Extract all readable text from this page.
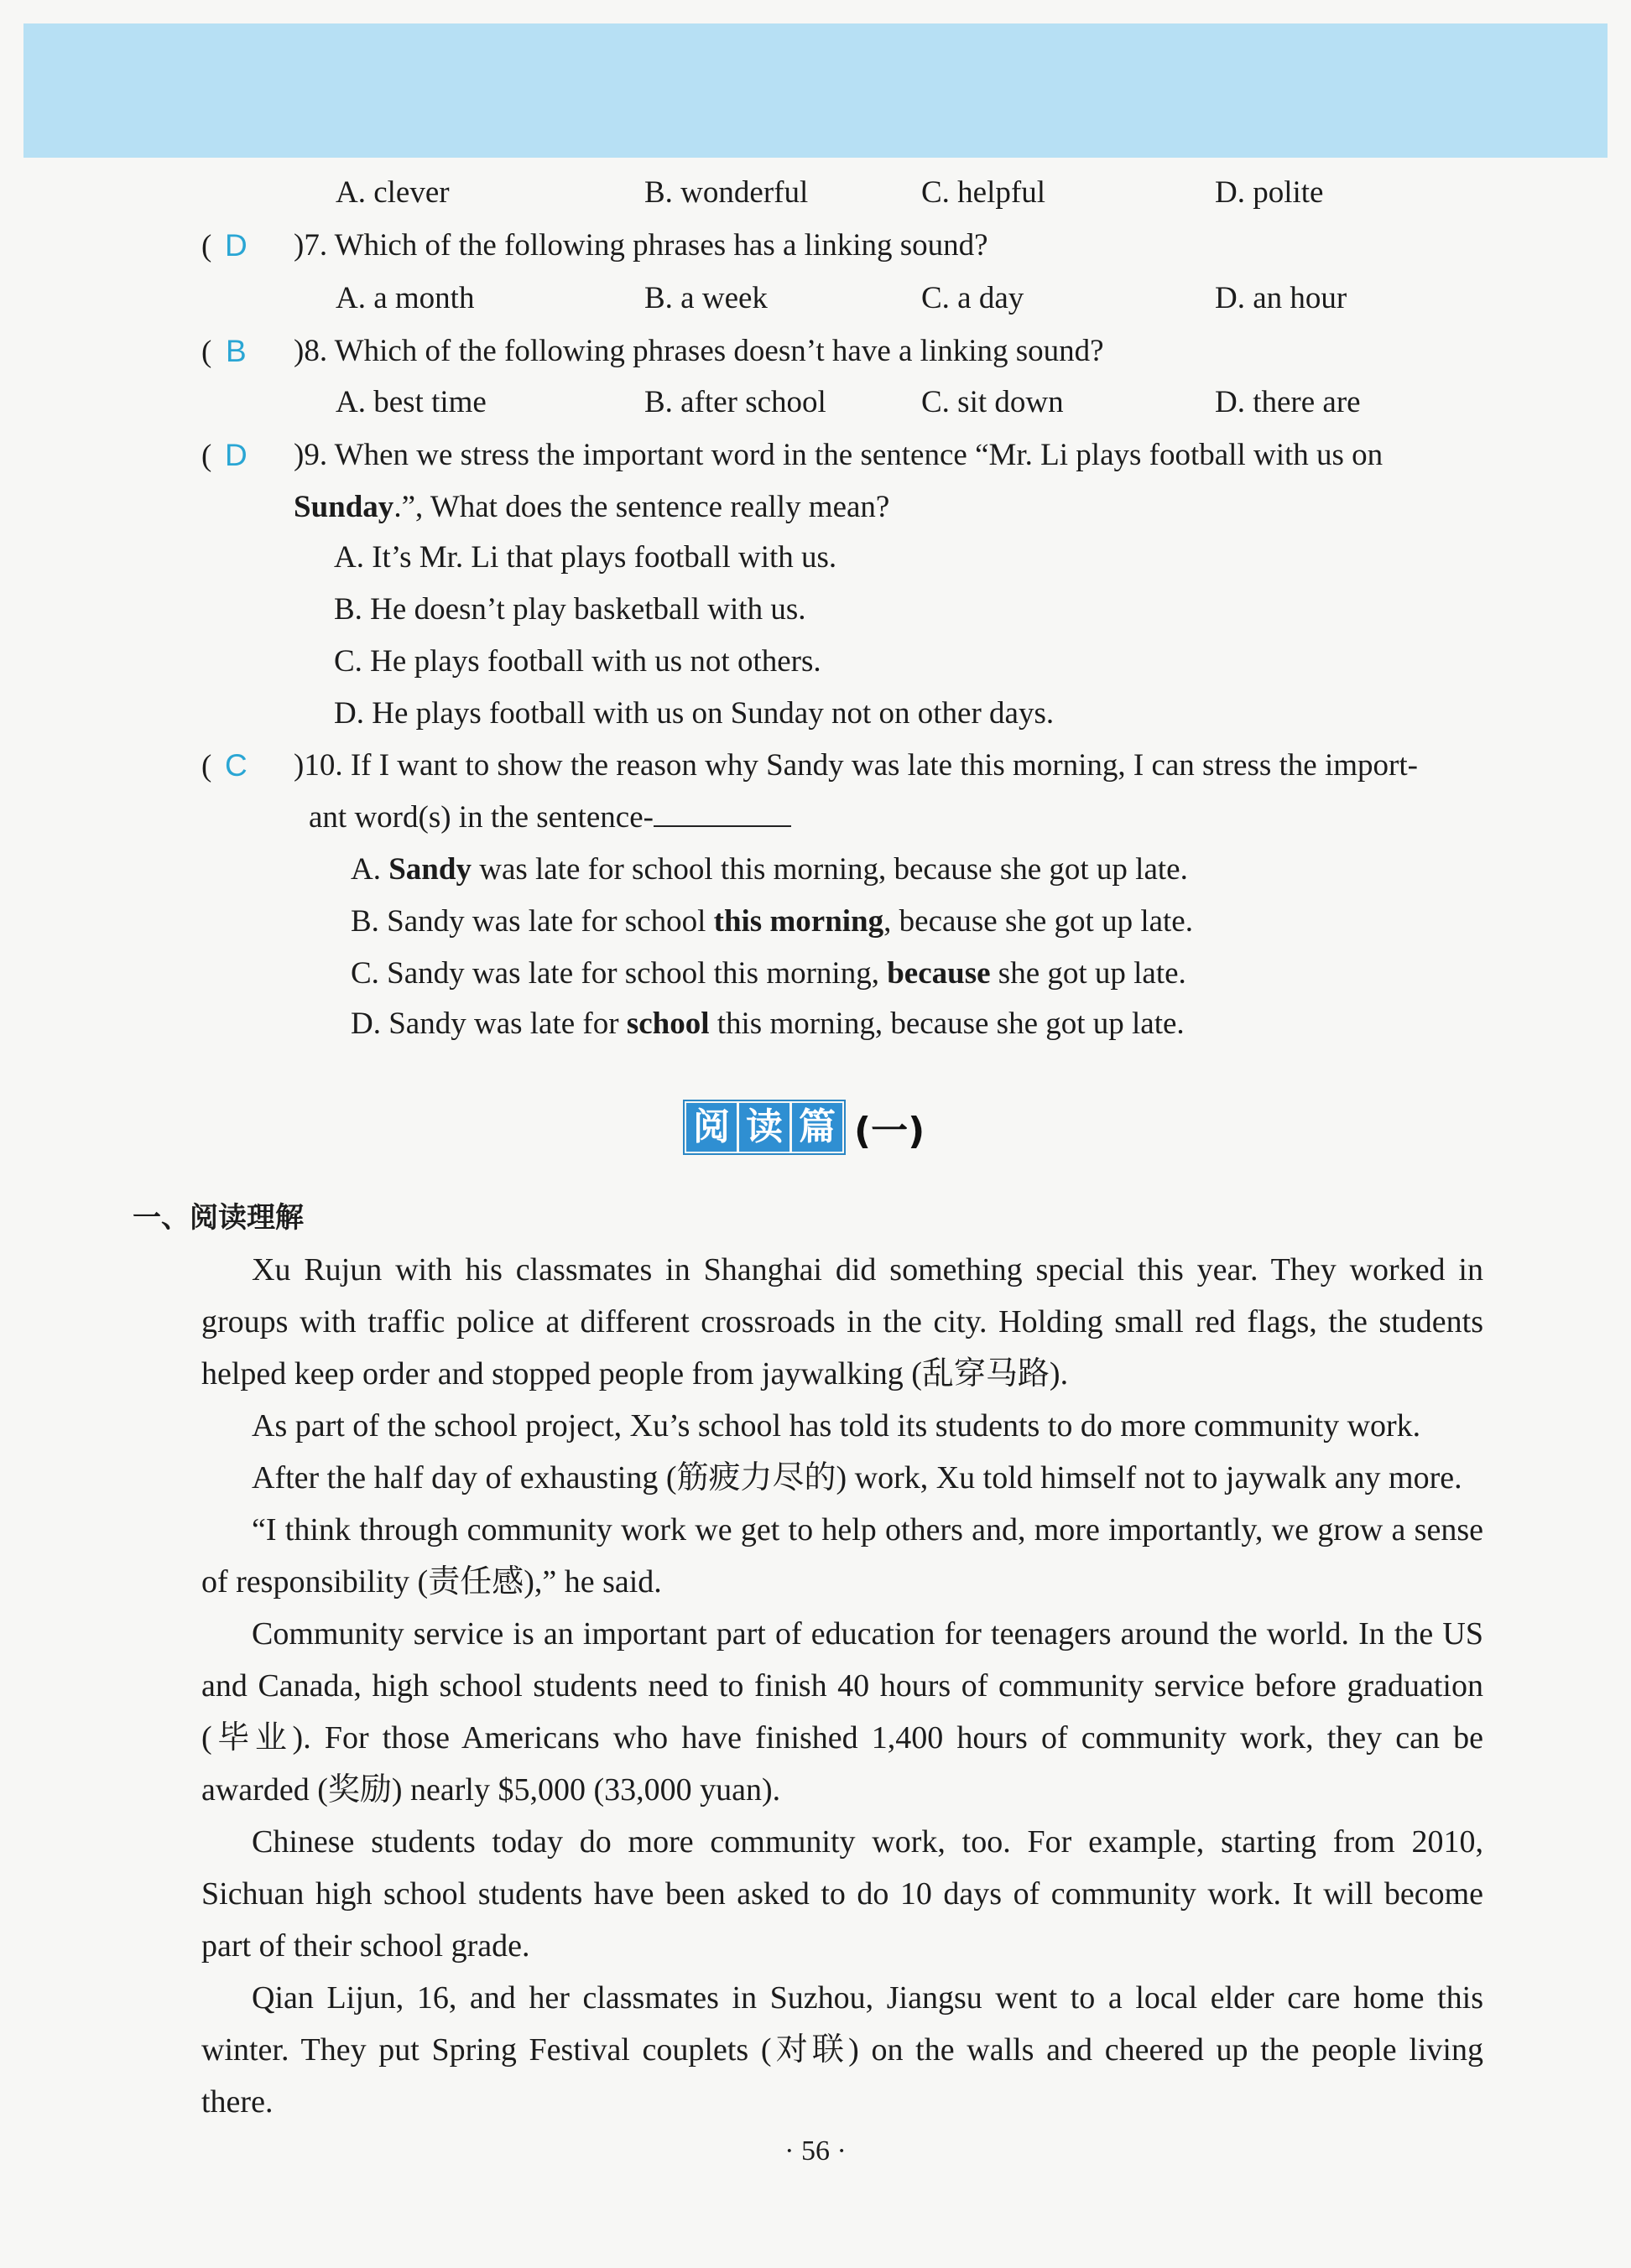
A. clever	B. wonderful	C. helpful	D. polite
( D	)7. Which of the following phrases has a linking sound?
A. a month	B. a week	C. a day	D. an hour
( B	)8. Which of the following phrases doesn’t have a linking sound?
A. best time	B. after school	C. sit down	D. there are
( D	)9. When we stress the important word in the sentence “Mr. Li plays football with us on
Sunday.”, What does the sentence really mean?
A. It’s Mr. Li that plays football with us.
B. He doesn’t play basketball with us.
C. He plays football with us not others.
D. He plays football with us on Sunday not on other days.
( C	)10. If I want to show the reason why Sandy was late this morning, I can stress the import-
ant word(s) in the sentence-
A. Sandy was late for school this morning, because she got up late.
B. Sandy was late for school this morning, because she got up late.
C. Sandy was late for school this morning, because she got up late.
D. Sandy was late for school this morning, because she got up late.
阅 读 篇 (一)
一、阅读理解

Xu Rujun with his classmates in Shanghai did something special this year. They worked in groups with traffic police at different crossroads in the city. Holding small red flags, the students helped keep order and stopped people from jaywalking (乱穿马路).

As part of the school project, Xu’s school has told its students to do more community work.

After the half day of exhausting (筋疲力尽的) work, Xu told himself not to jaywalk any more.

“I think through community work we get to help others and, more importantly, we grow a sense of responsibility (责任感),” he said.

Community service is an important part of education for teenagers around the world. In the US and Canada, high school students need to finish 40 hours of community service before graduation (毕业). For those Americans who have finished 1,400 hours of community work, they can be awarded (奖励) nearly $5,000 (33,000 yuan).

Chinese students today do more community work, too. For example, starting from 2010, Sichuan high school students have been asked to do 10 days of community work. It will become part of their school grade.

Qian Lijun, 16, and her classmates in Suzhou, Jiangsu went to a local elder care home this winter. They put Spring Festival couplets (对联) on the walls and cheered up the people living there.

· 56 ·
